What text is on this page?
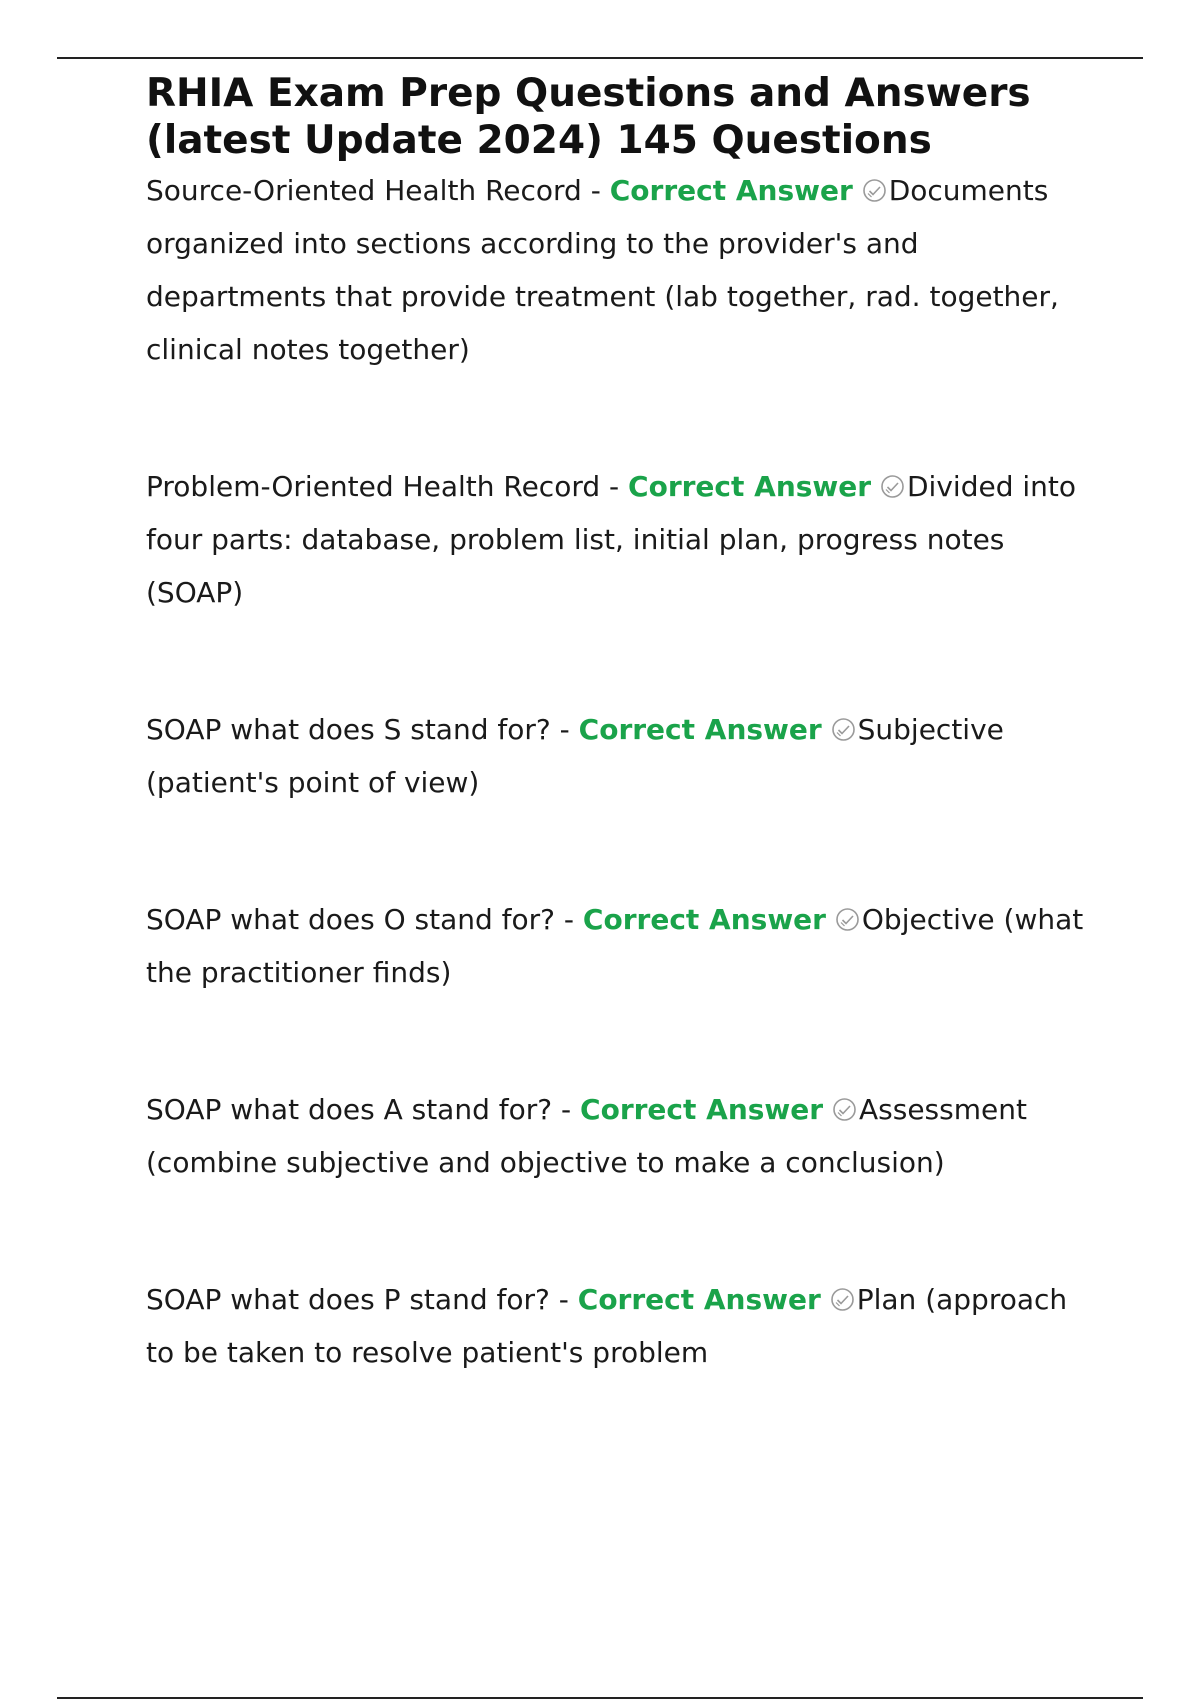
RHIA Exam Prep Questions and Answers
(latest Update 2024) 145 Questions

Source-Oriented Health Record - Correct Answer Documents organized into sections according to the provider's and departments that provide treatment (lab together, rad. together, clinical notes together)

Problem-Oriented Health Record - Correct Answer Divided into four parts: database, problem list, initial plan, progress notes (SOAP)

SOAP what does S stand for? - Correct Answer Subjective (patient's point of view)

SOAP what does O stand for? - Correct Answer Objective (what the practitioner finds)

SOAP what does A stand for? - Correct Answer Assessment (combine subjective and objective to make a conclusion)

SOAP what does P stand for? - Correct Answer Plan (approach to be taken to resolve patient's problem
